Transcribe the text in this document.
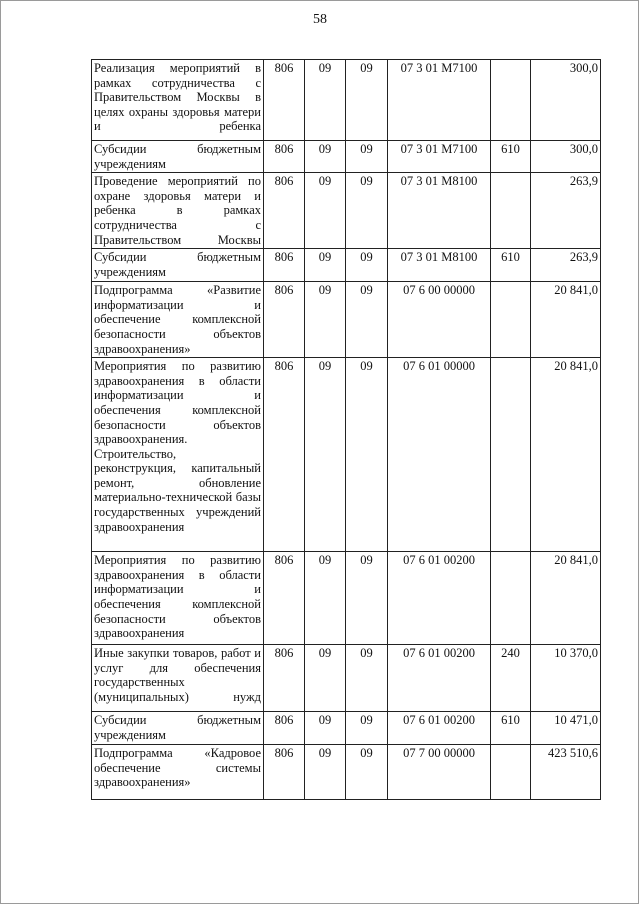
58
Реализация мероприятий в рамках сотрудничества с Правительством Москвы в целях охраны здоровья матери и ребенка	806	09	09	07 3 01 М7100		300,0
Субсидии бюджетным учреждениям	806	09	09	07 3 01 М7100	610	300,0
Проведение мероприятий по охране здоровья матери и ребенка в рамках сотрудничества с Правительством Москвы	806	09	09	07 3 01 М8100		263,9
Субсидии бюджетным учреждениям	806	09	09	07 3 01 М8100	610	263,9
Подпрограмма «Развитие информатизации и обеспечение комплексной безопасности объектов здравоохранения»	806	09	09	07 6 00 00000		20 841,0
Мероприятия по развитию здравоохранения в области информатизации и обеспечения комплексной безопасности объектов здравоохранения. Строительство, реконструкция, капитальный ремонт, обновление материально-технической базы государственных учреждений здравоохранения	806	09	09	07 6 01 00000		20 841,0
Мероприятия по развитию здравоохранения в области информатизации и обеспечения комплексной безопасности объектов здравоохранения	806	09	09	07 6 01 00200		20 841,0
Иные закупки товаров, работ и услуг для обеспечения государственных (муниципальных) нужд	806	09	09	07 6 01 00200	240	10 370,0
Субсидии бюджетным учреждениям	806	09	09	07 6 01 00200	610	10 471,0
Подпрограмма «Кадровое обеспечение системы здравоохранения»	806	09	09	07 7 00 00000		423 510,6
